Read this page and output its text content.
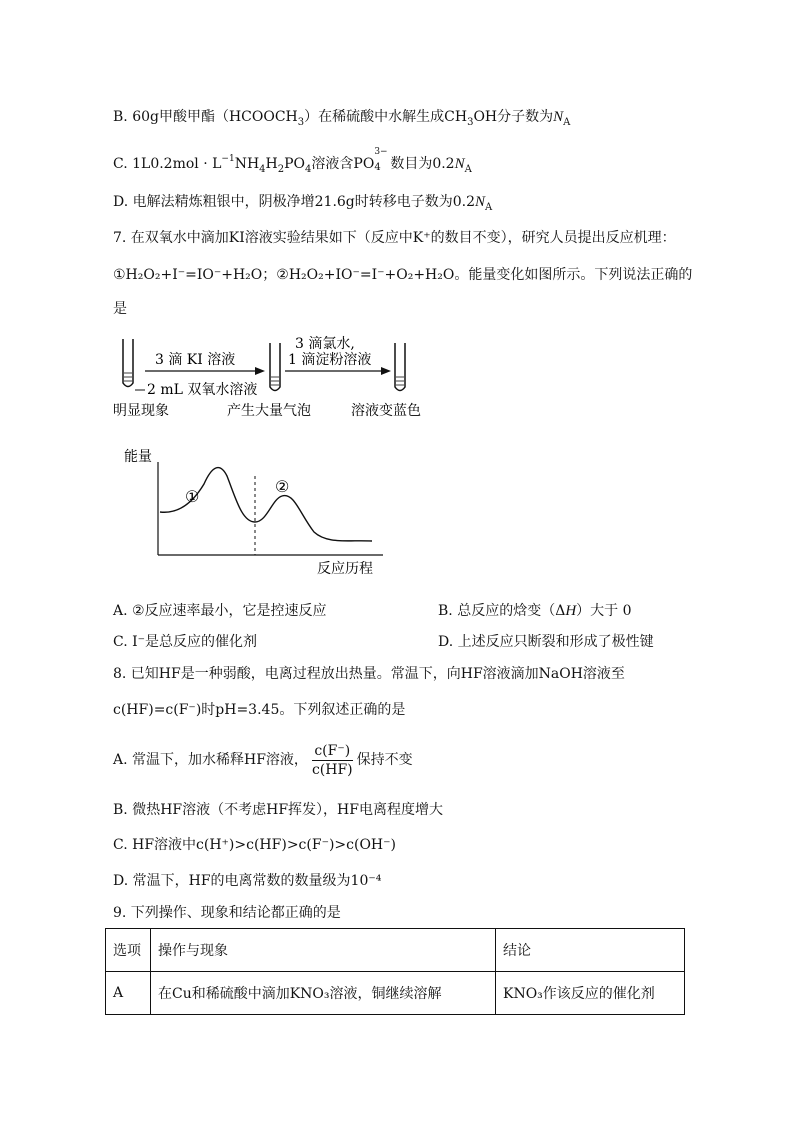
B. 60g甲酸甲酯$(HCOOCH_3)$在稀硫酸中水解生成$CH_3OH$分子数为$N_A$
C. $1L0.2mol \cdot L^{-1}NH_4H_2PO_4$溶液含PO
3−
4 数目为$0.2N_A$
D. 电解法精炼粗银中，阴极净增21.6g时转移电子数为$0.2N_A$
7. 在双氧水中滴加KI溶液实验结果如下（反应中K⁺的数目不变），研究人员提出反应机理：
①H₂O₂+I⁻=IO⁻+H₂O；②H₂O₂+IO⁻=I⁻+O₂+H₂O。能量变化如图所示。下列说法正确的
是
3 滴 KI 溶液
3 滴氯水,
1 滴淀粉溶液
2 mL 双氧水溶液
明显现象	产生大量气泡	溶液变蓝色
能量
反应历程
①
②
A. ②反应速率最小，它是控速反应	B. 总反应的焓变（ΔH）大于 0
C. I⁻是总反应的催化剂	D. 上述反应只断裂和形成了极性键
8. 已知HF是一种弱酸，电离过程放出热量。常温下，向HF溶液滴加NaOH溶液至
c(HF)=c(F⁻)时pH=3.45。下列叙述正确的是
A. 常温下，加水稀释HF溶液， $\frac{c(F^-)}{c(HF)}$ 保持不变
B. 微热HF溶液（不考虑HF挥发），HF电离程度增大
C. HF溶液中c(H⁺)>c(HF)>c(F⁻)>c(OH⁻)
D. 常温下，HF的电离常数的数量级为10⁻⁴
9. 下列操作、现象和结论都正确的是
选项	操作与现象	结论
A	在Cu和稀硫酸中滴加KNO₃溶液，铜继续溶解	KNO₃作该反应的催化剂
